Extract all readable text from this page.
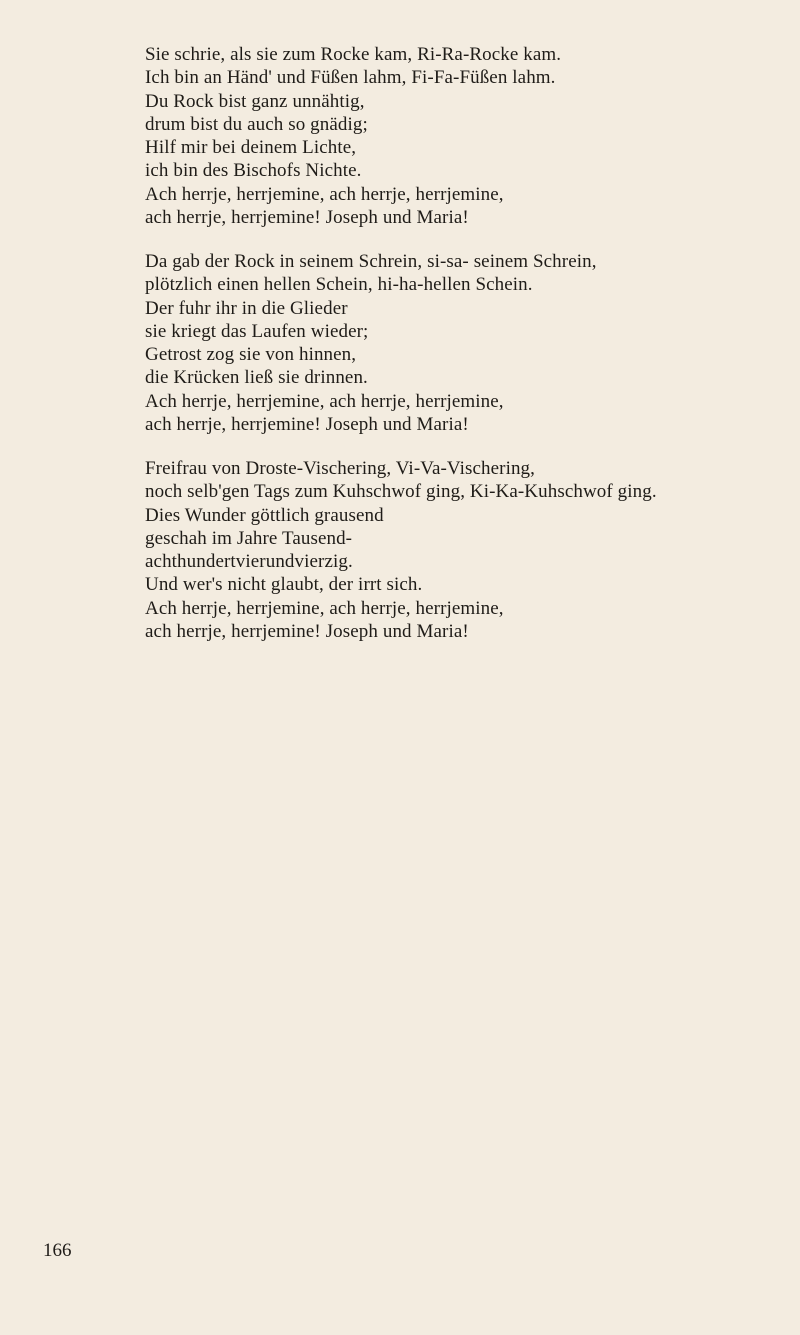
Sie schrie, als sie zum Rocke kam, Ri-Ra-Rocke kam.
Ich bin an Händ' und Füßen lahm, Fi-Fa-Füßen lahm.
Du Rock bist ganz unnähtig,
drum bist du auch so gnädig;
Hilf mir bei deinem Lichte,
ich bin des Bischofs Nichte.
Ach herrje, herrjemine, ach herrje, herrjemine,
ach herrje, herrjemine! Joseph und Maria!
Da gab der Rock in seinem Schrein, si-sa- seinem Schrein,
plötzlich einen hellen Schein, hi-ha-hellen Schein.
Der fuhr ihr in die Glieder
sie kriegt das Laufen wieder;
Getrost zog sie von hinnen,
die Krücken ließ sie drinnen.
Ach herrje, herrjemine, ach herrje, herrjemine,
ach herrje, herrjemine! Joseph und Maria!
Freifrau von Droste-Vischering, Vi-Va-Vischering,
noch selb'gen Tags zum Kuhschwof ging, Ki-Ka-Kuhschwof ging.
Dies Wunder göttlich grausend
geschah im Jahre Tausend-
achthundertvierundvierzig.
Und wer's nicht glaubt, der irrt sich.
Ach herrje, herrjemine, ach herrje, herrjemine,
ach herrje, herrjemine! Joseph und Maria!
166
